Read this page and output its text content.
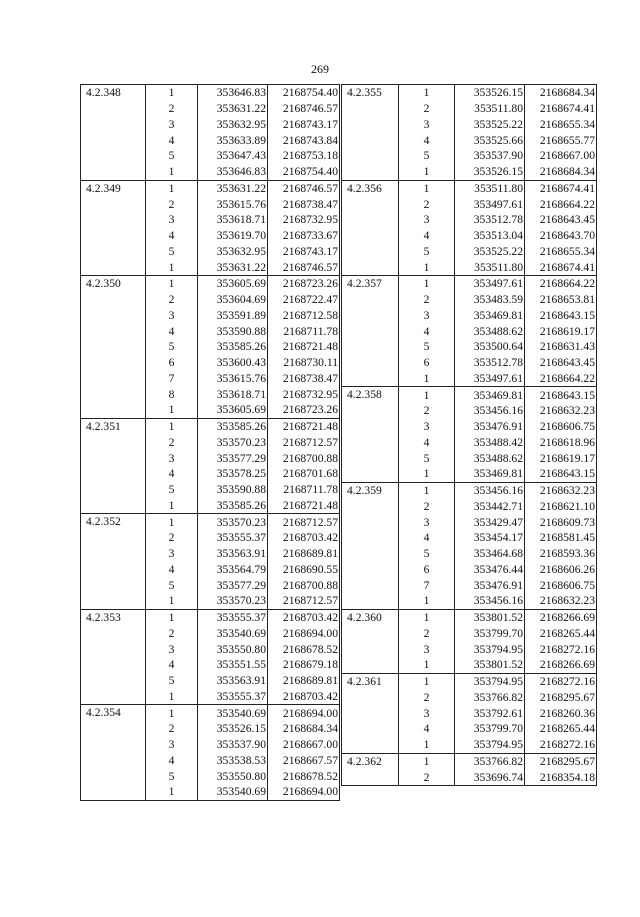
269
4.2.348	1	353646.83	2168754.40
	2	353631.22	2168746.57
	3	353632.95	2168743.17
	4	353633.89	2168743.84
	5	353647.43	2168753.18
	1	353646.83	2168754.40
4.2.349	1	353631.22	2168746.57
	2	353615.76	2168738.47
	3	353618.71	2168732.95
	4	353619.70	2168733.67
	5	353632.95	2168743.17
	1	353631.22	2168746.57
4.2.350	1	353605.69	2168723.26
	2	353604.69	2168722.47
	3	353591.89	2168712.58
	4	353590.88	2168711.78
	5	353585.26	2168721.48
	6	353600.43	2168730.11
	7	353615.76	2168738.47
	8	353618.71	2168732.95
	1	353605.69	2168723.26
4.2.351	1	353585.26	2168721.48
	2	353570.23	2168712.57
	3	353577.29	2168700.88
	4	353578.25	2168701.68
	5	353590.88	2168711.78
	1	353585.26	2168721.48
4.2.352	1	353570.23	2168712.57
	2	353555.37	2168703.42
	3	353563.91	2168689.81
	4	353564.79	2168690.55
	5	353577.29	2168700.88
	1	353570.23	2168712.57
4.2.353	1	353555.37	2168703.42
	2	353540.69	2168694.00
	3	353550.80	2168678.52
	4	353551.55	2168679.18
	5	353563.91	2168689.81
	1	353555.37	2168703.42
4.2.354	1	353540.69	2168694.00
	2	353526.15	2168684.34
	3	353537.90	2168667.00
	4	353538.53	2168667.57
	5	353550.80	2168678.52
	1	353540.69	2168694.00
4.2.355	1	353526.15	2168684.34
	2	353511.80	2168674.41
	3	353525.22	2168655.34
	4	353525.66	2168655.77
	5	353537.90	2168667.00
	1	353526.15	2168684.34
4.2.356	1	353511.80	2168674.41
	2	353497.61	2168664.22
	3	353512.78	2168643.45
	4	353513.04	2168643.70
	5	353525.22	2168655.34
	1	353511.80	2168674.41
4.2.357	1	353497.61	2168664.22
	2	353483.59	2168653.81
	3	353469.81	2168643.15
	4	353488.62	2168619.17
	5	353500.64	2168631.43
	6	353512.78	2168643.45
	1	353497.61	2168664.22
4.2.358	1	353469.81	2168643.15
	2	353456.16	2168632.23
	3	353476.91	2168606.75
	4	353488.42	2168618.96
	5	353488.62	2168619.17
	1	353469.81	2168643.15
4.2.359	1	353456.16	2168632.23
	2	353442.71	2168621.10
	3	353429.47	2168609.73
	4	353454.17	2168581.45
	5	353464.68	2168593.36
	6	353476.44	2168606.26
	7	353476.91	2168606.75
	1	353456.16	2168632.23
4.2.360	1	353801.52	2168266.69
	2	353799.70	2168265.44
	3	353794.95	2168272.16
	1	353801.52	2168266.69
4.2.361	1	353794.95	2168272.16
	2	353766.82	2168295.67
	3	353792.61	2168260.36
	4	353799.70	2168265.44
	1	353794.95	2168272.16
4.2.362	1	353766.82	2168295.67
	2	353696.74	2168354.18
